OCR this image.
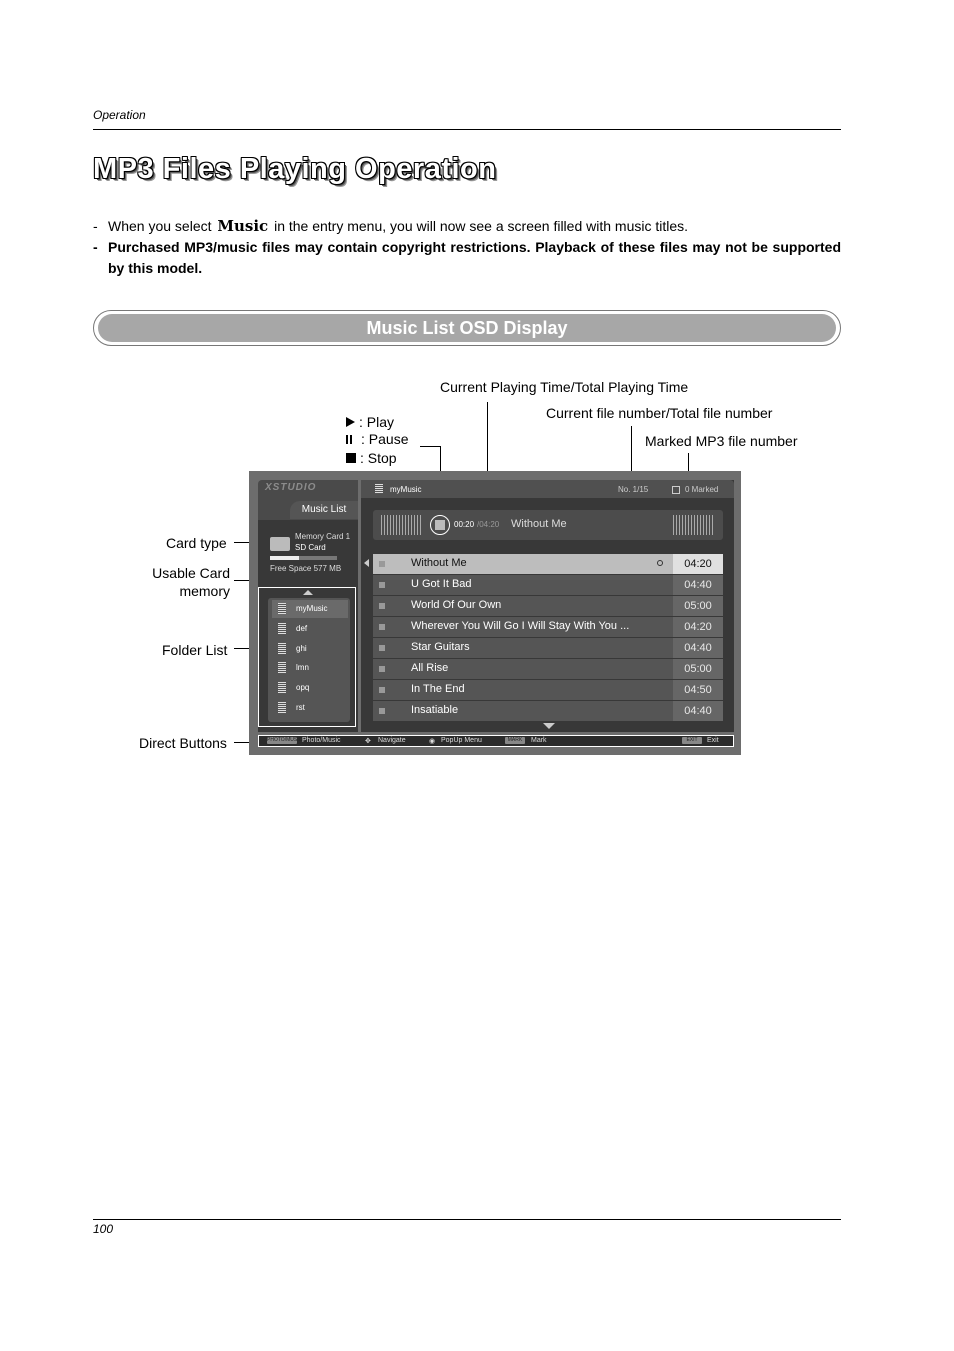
Operation
MP3 Files Playing Operation
- When you select Music in the entry menu, you will now see a screen filled with music titles.
- Purchased MP3/music files may contain copyright restrictions. Playback of these files may not be supported by this model.
Music List OSD Display
Current Playing Time/Total Playing Time
Current file number/Total file number
Marked MP3 file number
: Play
: Pause
: Stop
Card type
Usable Card
memory
Folder List
Direct Buttons
XSTUDIO
Music List
myMusic	No. 1/15	0 Marked
00:20 /04:20 Without Me
Memory Card 1
SD Card
Free Space 577 MB
myMusic
def
ghi
lmn
opq
rst
Without Me	04:20
U Got It Bad	04:40
World Of Our Own	05:00
Wherever You Will Go I Will Stay With You ...	04:20
Star Guitars	04:40
All Rise	05:00
In The End	04:50
Insatiable	04:40
PHOTO/MUSIC Photo/Music	✥ Navigate	◉ PopUp Menu	MARK	Mark	EXIT	Exit
100
